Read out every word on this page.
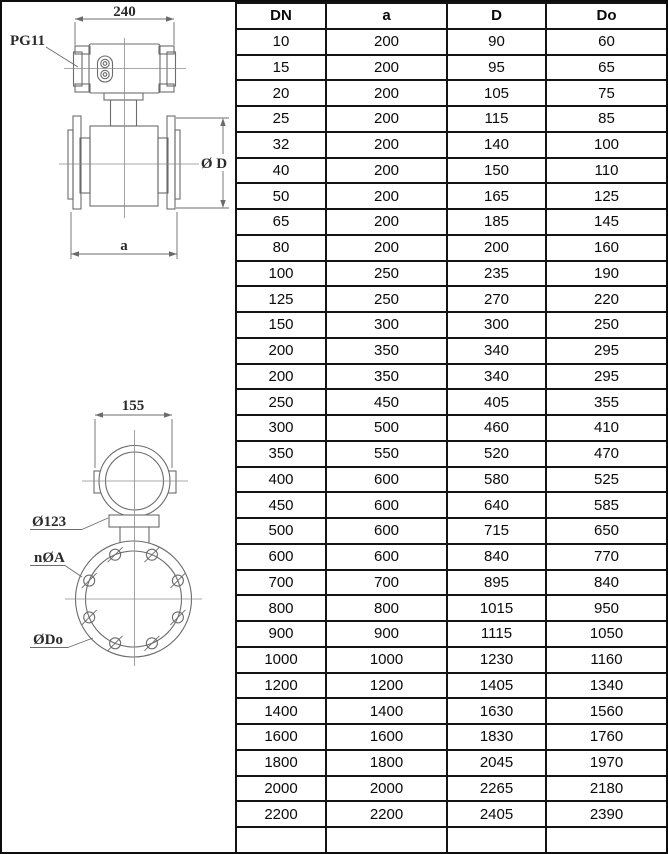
240
PG11
Ø D
a
155
Ø123
nØA
ØDo
DN	a	D	Do
10	200	90	60
15	200	95	65
20	200	105	75
25	200	115	85
32	200	140	100
40	200	150	110
50	200	165	125
65	200	185	145
80	200	200	160
100	250	235	190
125	250	270	220
150	300	300	250
200	350	340	295
200	350	340	295
250	450	405	355
300	500	460	410
350	550	520	470
400	600	580	525
450	600	640	585
500	600	715	650
600	600	840	770
700	700	895	840
800	800	1015	950
900	900	1115	1050
1000	1000	1230	1160
1200	1200	1405	1340
1400	1400	1630	1560
1600	1600	1830	1760
1800	1800	2045	1970
2000	2000	2265	2180
2200	2200	2405	2390
